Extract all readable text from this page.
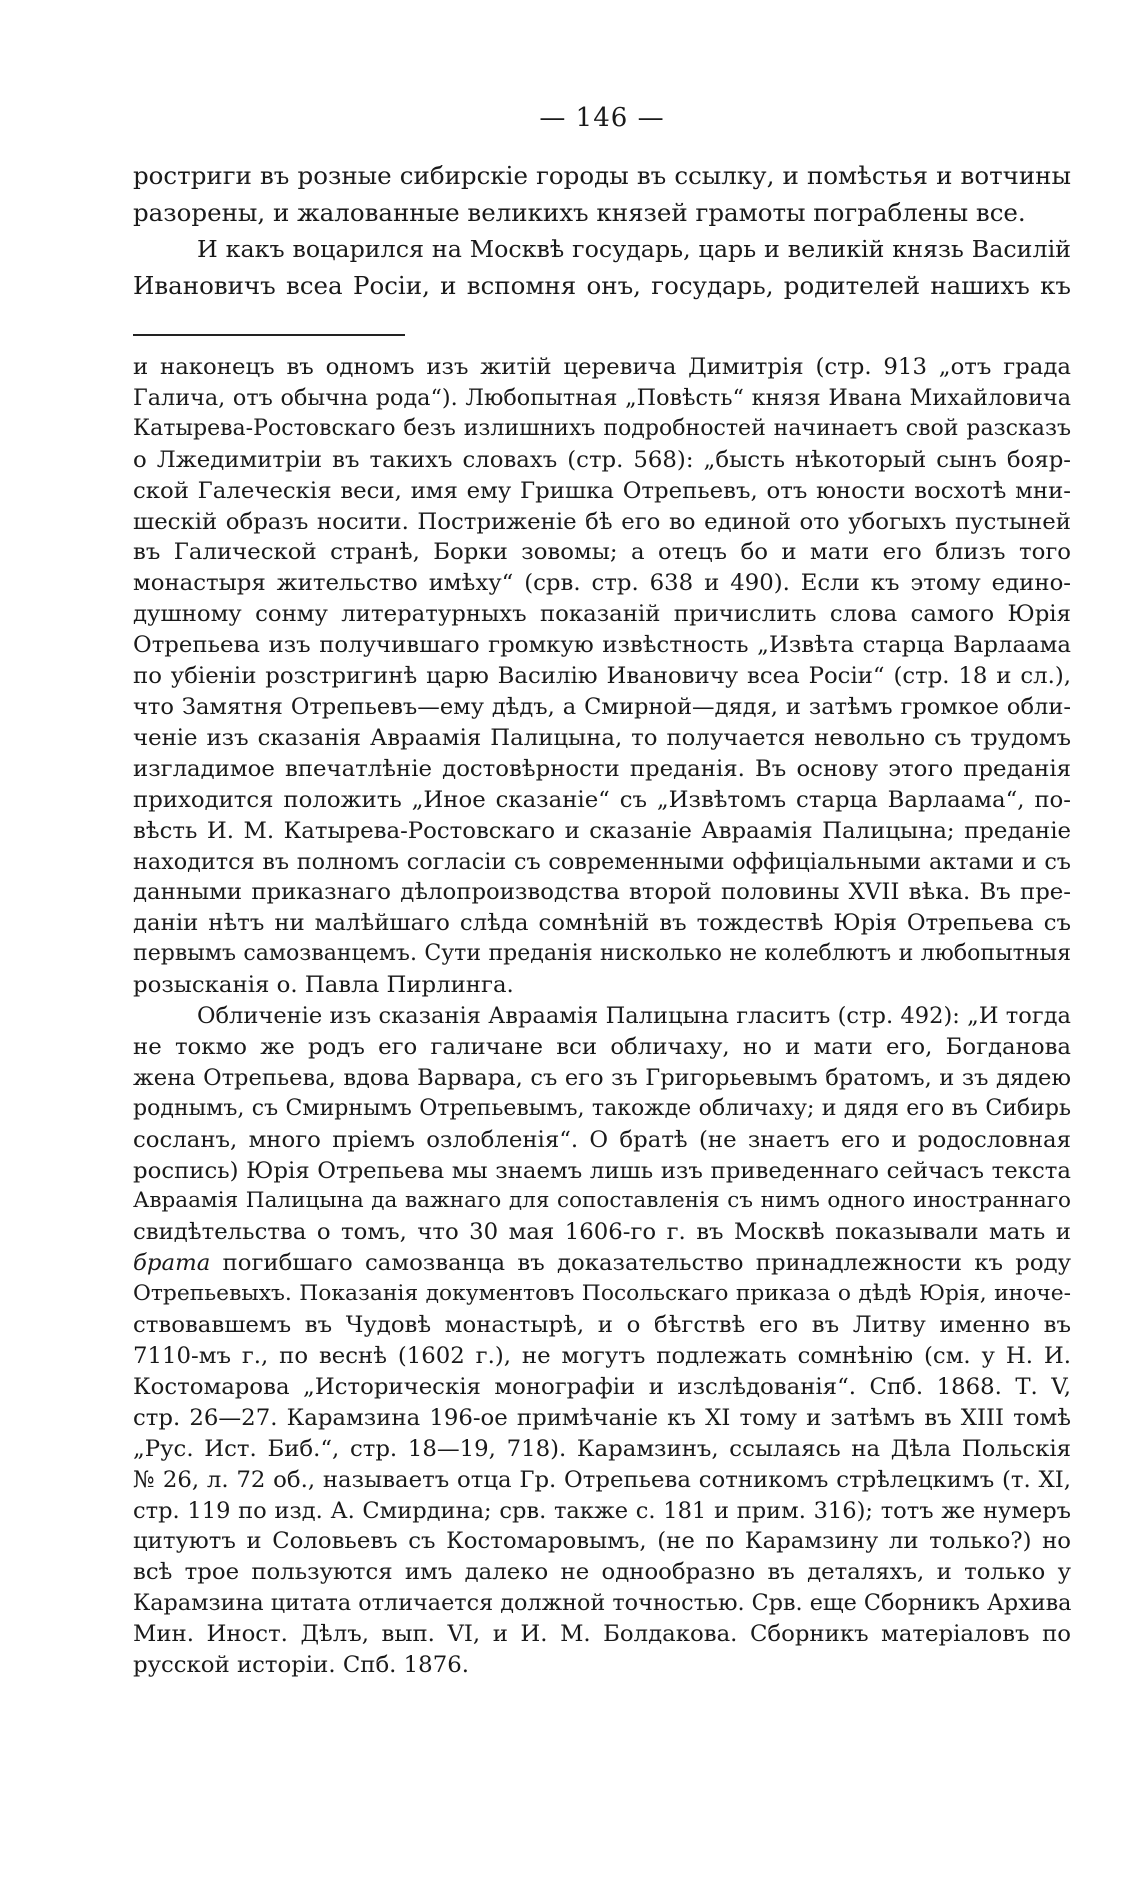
— 146 —

ростриги въ розные сибирскіе городы въ ссылку, и помѣстья и вотчины
разорены, и жалованные великихъ князей грамоты пограблены все.

И какъ воцарился на Москвѣ государь, царь и великій князь Василій
Ивановичъ всеа Росіи, и вспомня онъ, государь, родителей нашихъ къ

и наконецъ въ одномъ изъ житій церевича Димитрія (стр. 913 „отъ града
Галича, отъ обычна рода“). Любопытная „Повѣсть“ князя Ивана Михайловича
Катырева-Ростовскаго безъ излишнихъ подробностей начинаетъ свой разсказъ
о Лжедимитріи въ такихъ словахъ (стр. 568): „бысть нѣкоторый сынъ бояр-
ской Галеческія веси, имя ему Гришка Отрепьевъ, отъ юности восхотѣ мни-
шескій образъ носити. Постриженіе бѣ его во единой ото убогыхъ пустыней
въ Галической странѣ, Борки зовомы; а отецъ бо и мати его близъ того
монастыря жительство имѣху“ (срв. стр. 638 и 490). Если къ этому едино-
душному сонму литературныхъ показаній причислить слова самого Юрія
Отрепьева изъ получившаго громкую извѣстность „Извѣта старца Варлаама
по убіеніи розстригинѣ царю Василію Ивановичу всеа Росіи“ (стр. 18 и сл.),
что Замятня Отрепьевъ—ему дѣдъ, а Смирной—дядя, и затѣмъ громкое обли-
ченіе изъ сказанія Авраамія Палицына, то получается невольно съ трудомъ
изгладимое впечатлѣніе достовѣрности преданія. Въ основу этого преданія
приходится положить „Иное сказаніе“ съ „Извѣтомъ старца Варлаама“, по-
вѣсть И. М. Катырева-Ростовскаго и сказаніе Авраамія Палицына; преданіе
находится въ полномъ согласіи съ современными оффиціальными актами и съ
данными приказнаго дѣлопроизводства второй половины XVII вѣка. Въ пре-
даніи нѣтъ ни малѣйшаго слѣда сомнѣній въ тождествѣ Юрія Отрепьева съ
первымъ самозванцемъ. Сути преданія нисколько не колеблютъ и любопытныя
розысканія о. Павла Пирлинга.

Обличеніе изъ сказанія Авраамія Палицына гласитъ (стр. 492): „И тогда
не токмо же родъ его галичане вси обличаху, но и мати его, Богданова
жена Отрепьева, вдова Варвара, съ его зъ Григорьевымъ братомъ, и зъ дядею
роднымъ, съ Смирнымъ Отрепьевымъ, такожде обличаху; и дядя его въ Сибирь
сосланъ, много пріемъ озлобленія“. О братѣ (не знаетъ его и родословная
роспись) Юрія Отрепьева мы знаемъ лишь изъ приведеннаго сейчасъ текста
Авраамія Палицына да важнаго для сопоставленія съ нимъ одного иностраннаго
свидѣтельства о томъ, что 30 мая 1606-го г. въ Москвѣ показывали мать и
брата погибшаго самозванца въ доказательство принадлежности къ роду
Отрепьевыхъ. Показанія документовъ Посольскаго приказа о дѣдѣ Юрія, иноче-
ствовавшемъ въ Чудовѣ монастырѣ, и о бѣгствѣ его въ Литву именно въ
7110-мъ г., по веснѣ (1602 г.), не могутъ подлежать сомнѣнію (см. у Н. И.
Костомарова „Историческія монографіи и изслѣдованія“. Спб. 1868. Т. V,
стр. 26—27. Карамзина 196-ое примѣчаніе къ XI тому и затѣмъ въ XIII томѣ
„Рус. Ист. Биб.“, стр. 18—19, 718). Карамзинъ, ссылаясь на Дѣла Польскія
№ 26, л. 72 об., называетъ отца Гр. Отрепьева сотникомъ стрѣлецкимъ (т. XI,
стр. 119 по изд. А. Смирдина; срв. также с. 181 и прим. 316); тотъ же нумеръ
цитуютъ и Соловьевъ съ Костомаровымъ, (не по Карамзину ли только?) но
всѣ трое пользуются имъ далеко не однообразно въ деталяхъ, и только у
Карамзина цитата отличается должной точностью. Срв. еще Сборникъ Архива
Мин. Иност. Дѣлъ, вып. VI, и И. М. Болдакова. Сборникъ матеріаловъ по
русской исторіи. Спб. 1876.
